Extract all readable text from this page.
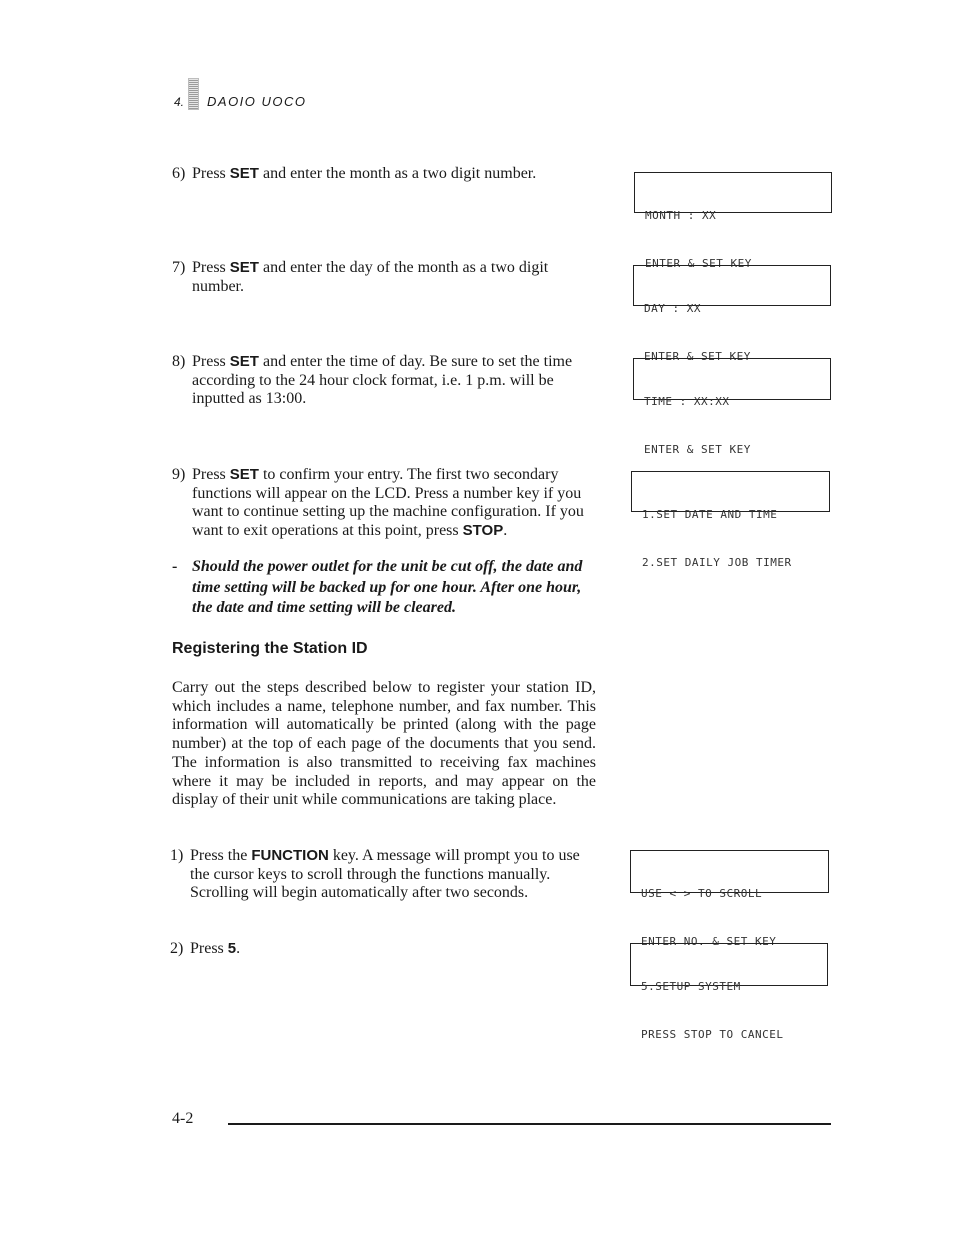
4. DAOIO UOCO
6) Press SET and enter the month as a two digit number.

MONTH : XX

ENTER & SET KEY

7) Press SET and enter the day of the month as a two digit number.

DAY : XX

ENTER & SET KEY

8) Press SET and enter the time of day. Be sure to set the time according to the 24 hour clock format, i.e. 1 p.m. will be inputted as 13:00.

	TIME : XX:XX

ENTER & SET KEY

9) Press SET to confirm your entry. The first two secondary functions will appear on the LCD. Press a number key if you want to continue setting up the machine configuration. If you want to exit operations at this point, press STOP.

1.SET DATE AND TIME

2.SET DAILY JOB TIMER

- Should the power outlet for the unit be cut off, the date and time setting will be backed up for one hour. After one hour, the date and time setting will be cleared.
Registering the Station ID
Carry out the steps described below to register your station ID, which includes a name, telephone number, and fax number. This information will automatically be printed (along with the page number) at the top of each page of the documents that you send. The information is also transmitted to receiving fax machines where it may be included in reports, and may appear on the display of their unit while communications are taking place.
1) Press the FUNCTION key. A message will prompt you to use the cursor keys to scroll through the functions manually. Scrolling will begin automatically after two seconds.

	USE < > TO SCROLL

ENTER NO. & SET KEY

2) Press 5.

5.SETUP SYSTEM

PRESS STOP TO CANCEL

4-2
